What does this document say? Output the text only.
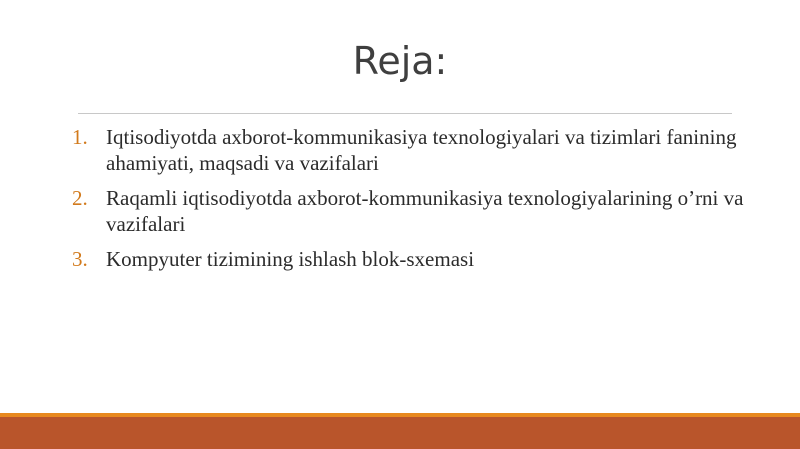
Reja:
1. Iqtisodiyotda axborot-kommunikasiya texnologiyalari va tizimlari fanining ahamiyati, maqsadi va vazifalari
2. Raqamli iqtisodiyotda axborot-kommunikasiya texnologiyalarining o’rni va vazifalari
3. Kompyuter tizimining ishlash blok-sxemasi
